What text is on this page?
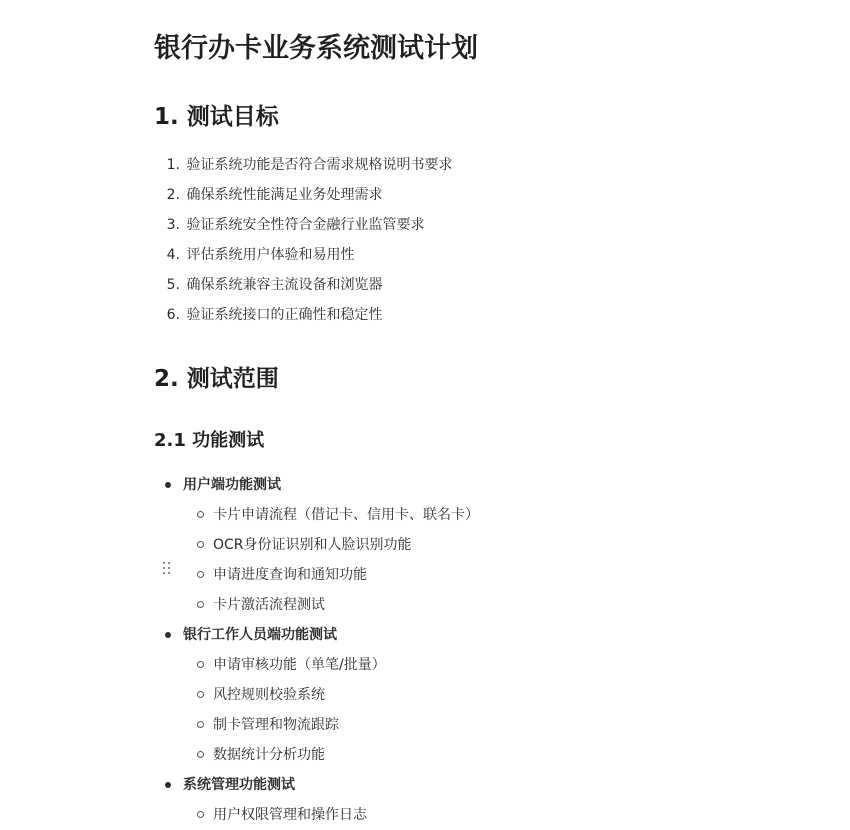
银行办卡业务系统测试计划
1. 测试目标
1. 验证系统功能是否符合需求规格说明书要求
2. 确保系统性能满足业务处理需求
3. 验证系统安全性符合金融行业监管要求
4. 评估系统用户体验和易用性
5. 确保系统兼容主流设备和浏览器
6. 验证系统接口的正确性和稳定性
2. 测试范围
2.1 功能测试
用户端功能测试
卡片申请流程（借记卡、信用卡、联名卡）
OCR身份证识别和人脸识别功能
申请进度查询和通知功能
卡片激活流程测试
银行工作人员端功能测试
申请审核功能（单笔/批量）
风控规则校验系统
制卡管理和物流跟踪
数据统计分析功能
系统管理功能测试
用户权限管理和操作日志
